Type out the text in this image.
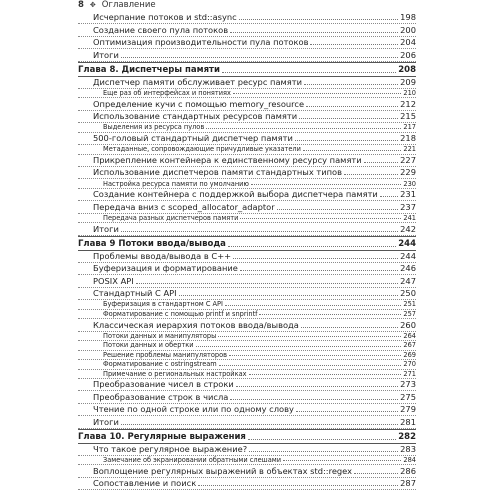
8 ✥ Оглавление
Исчерпание потоков и std::async	198
Создание своего пула потоков	200
Оптимизация производительности пула потоков	204
Итоги	206
Глава 8. Диспетчеры памяти	208
Диспетчер памяти обслуживает ресурс памяти	209
Еще раз об интерфейсах и понятиях	210
Определение кучи с помощью memory_resource	212
Использование стандартных ресурсов памяти	215
Выделения из ресурса пулов	217
500-головый стандартный диспетчер памяти	218
Метаданные, сопровождающие причудливые указатели	221
Прикрепление контейнера к единственному ресурсу памяти	227
Использование диспетчеров памяти стандартных типов	229
Настройка ресурса памяти по умолчанию	230
Создание контейнера с поддержкой выбора диспетчера памяти	231
Передача вниз с scoped_allocator_adaptor	237
Передача разных диспетчеров памяти	241
Итоги	242
Глава 9 Потоки ввода/вывода	244
Проблемы ввода/вывода в C++	244
Буферизация и форматирование	246
POSIX API	247
Стандартный C API	250
Буферизация в стандартном C API	251
Форматирование с помощью printf и snprintf	257
Классическая иерархия потоков ввода/вывода	260
Потоки данных и манипуляторы	264
Потоки данных и обертки	267
Решение проблемы манипуляторов	269
Форматирование с ostringstream	270
Примечание о региональных настройках	271
Преобразование чисел в строки	273
Преобразование строк в числа	275
Чтение по одной строке или по одному слову	279
Итоги	281
Глава 10. Регулярные выражения	282
Что такое регулярное выражение?	283
Замечание об экранировании обратными слешами	284
Воплощение регулярных выражений в объектах std::regex	286
Сопоставление и поиск	287
